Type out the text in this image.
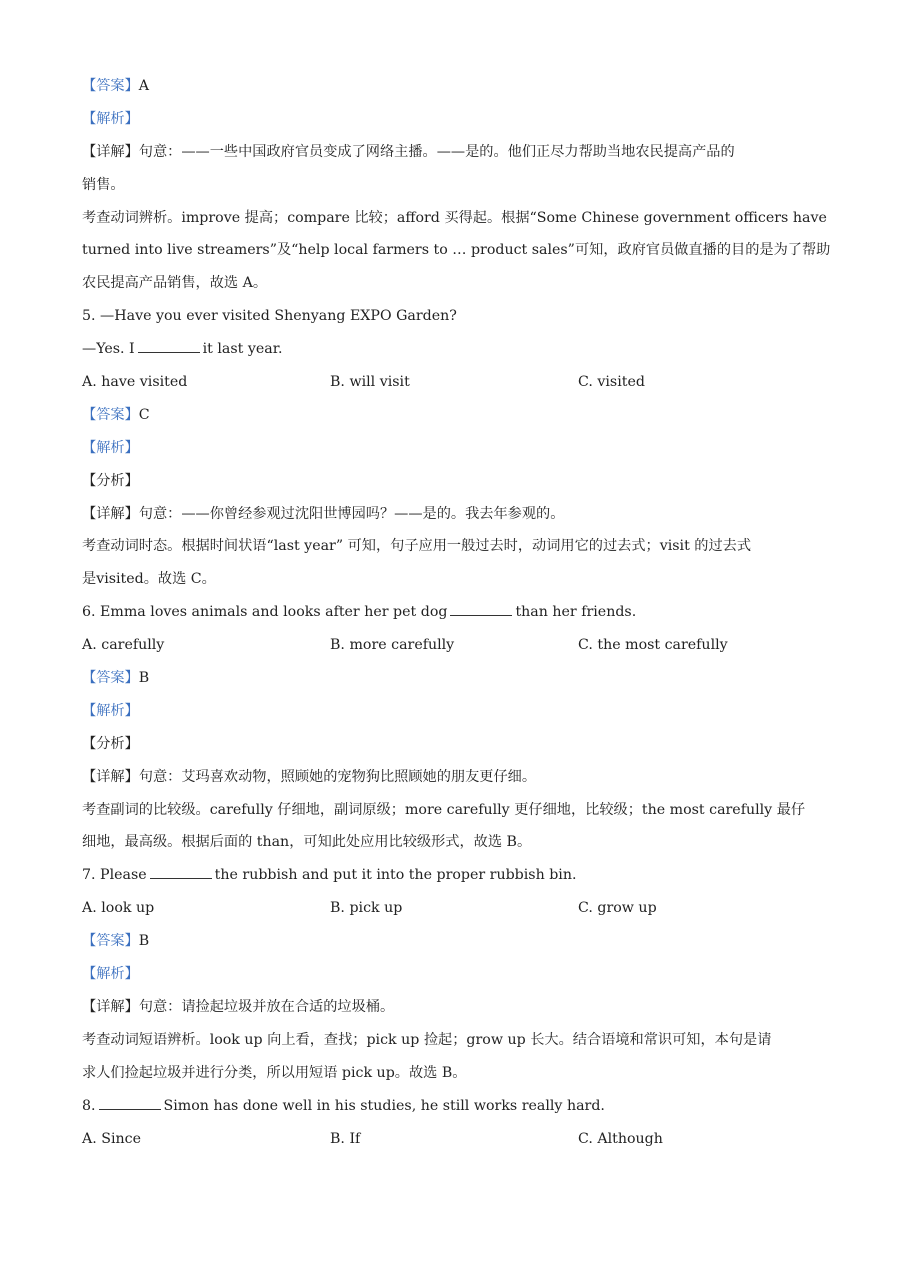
【答案】A
【解析】
【详解】句意：——一些中国政府官员变成了网络主播。——是的。他们正尽力帮助当地农民提高产品的
销售。
考查动词辨析。improve 提高；compare 比较；afford 买得起。根据“Some Chinese government officers have
turned into live streamers”及“help local farmers to … product sales”可知，政府官员做直播的目的是为了帮助
农民提高产品销售，故选 A。
5. —Have you ever visited Shenyang EXPO Garden?
—Yes. I	it last year.
A. have visited	B. will visit	C. visited
【答案】C
【解析】
【分析】
【详解】句意：——你曾经参观过沈阳世博园吗？——是的。我去年参观的。
考查动词时态。根据时间状语“last year” 可知，句子应用一般过去时，动词用它的过去式；visit 的过去式
是visited。故选 C。
6. Emma loves animals and looks after her pet dog	than her friends.
A. carefully	B. more carefully	C. the most carefully
【答案】B
【解析】
【分析】
【详解】句意：艾玛喜欢动物，照顾她的宠物狗比照顾她的朋友更仔细。
考查副词的比较级。carefully 仔细地，副词原级；more carefully 更仔细地，比较级；the most carefully 最仔
细地，最高级。根据后面的 than，可知此处应用比较级形式，故选 B。
7. Please	the rubbish and put it into the proper rubbish bin.
A. look up	B. pick up	C. grow up
【答案】B
【解析】
【详解】句意：请捡起垃圾并放在合适的垃圾桶。
考查动词短语辨析。look up 向上看，查找；pick up 捡起；grow up 长大。结合语境和常识可知，本句是请
求人们捡起垃圾并进行分类，所以用短语 pick up。故选 B。
8.	Simon has done well in his studies, he still works really hard.
A. Since	B. If	C. Although
